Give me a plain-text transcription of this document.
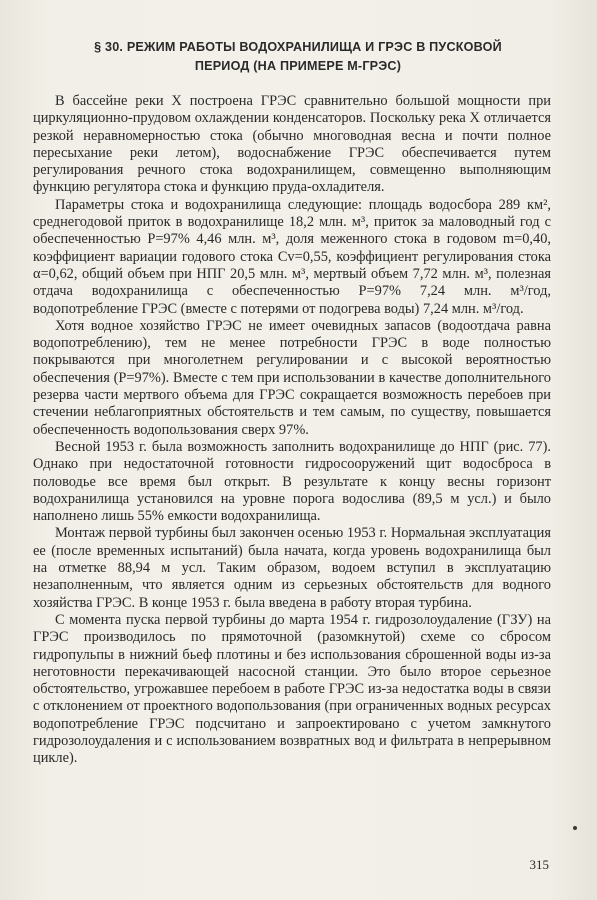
§ 30. РЕЖИМ РАБОТЫ ВОДОХРАНИЛИЩА И ГРЭС В ПУСКОВОЙ
ПЕРИОД (НА ПРИМЕРЕ М-ГРЭС)

В бассейне реки Х построена ГРЭС сравнительно большой мощности при циркуляционно-прудовом охлаждении конденсаторов. Поскольку река Х отличается резкой неравномерностью стока (обычно многоводная весна и почти полное пересыхание реки летом), водоснабжение ГРЭС обеспечивается путем регулирования речного стока водохранилищем, совмещенно выполняющим функцию регулятора стока и функцию пруда-охладителя.

Параметры стока и водохранилища следующие: площадь водосбора 289 км², среднегодовой приток в водохранилище 18,2 млн. м³, приток за маловодный год с обеспеченностью P=97% 4,46 млн. м³, доля меженного стока в годовом m=0,40, коэффициент вариации годового стока Cv=0,55, коэффициент регулирования стока α=0,62, общий объем при НПГ 20,5 млн. м³, мертвый объем 7,72 млн. м³, полезная отдача водохранилища с обеспеченностью P=97% 7,24 млн. м³/год, водопотребление ГРЭС (вместе с потерями от подогрева воды) 7,24 млн. м³/год.

Хотя водное хозяйство ГРЭС не имеет очевидных запасов (водоотдача равна водопотреблению), тем не менее потребности ГРЭС в воде полностью покрываются при многолетнем регулировании и с высокой вероятностью обеспечения (P=97%). Вместе с тем при использовании в качестве дополнительного резерва части мертвого объема для ГРЭС сокращается возможность перебоев при стечении неблагоприятных обстоятельств и тем самым, по существу, повышается обеспеченность водопользования сверх 97%.

Весной 1953 г. была возможность заполнить водохранилище до НПГ (рис. 77). Однако при недостаточной готовности гидросооружений щит водосброса в половодье все время был открыт. В результате к концу весны горизонт водохранилища установился на уровне порога водослива (89,5 м усл.) и было наполнено лишь 55% емкости водохранилища.

Монтаж первой турбины был закончен осенью 1953 г. Нормальная эксплуатация ее (после временных испытаний) была начата, когда уровень водохранилища был на отметке 88,94 м усл. Таким образом, водоем вступил в эксплуатацию незаполненным, что является одним из серьезных обстоятельств для водного хозяйства ГРЭС. В конце 1953 г. была введена в работу вторая турбина.

С момента пуска первой турбины до марта 1954 г. гидрозолоудаление (ГЗУ) на ГРЭС производилось по прямоточной (разомкнутой) схеме со сбросом гидропульпы в нижний бьеф плотины и без использования сброшенной воды из-за неготовности перекачивающей насосной станции. Это было второе серьезное обстоятельство, угрожавшее перебоем в работе ГРЭС из-за недостатка воды в связи с отклонением от проектного водопользования (при ограниченных водных ресурсах водопотребление ГРЭС подсчитано и запроектировано с учетом замкнутого гидрозолоудаления и с использованием возвратных вод и фильтрата в непрерывном цикле).

315
